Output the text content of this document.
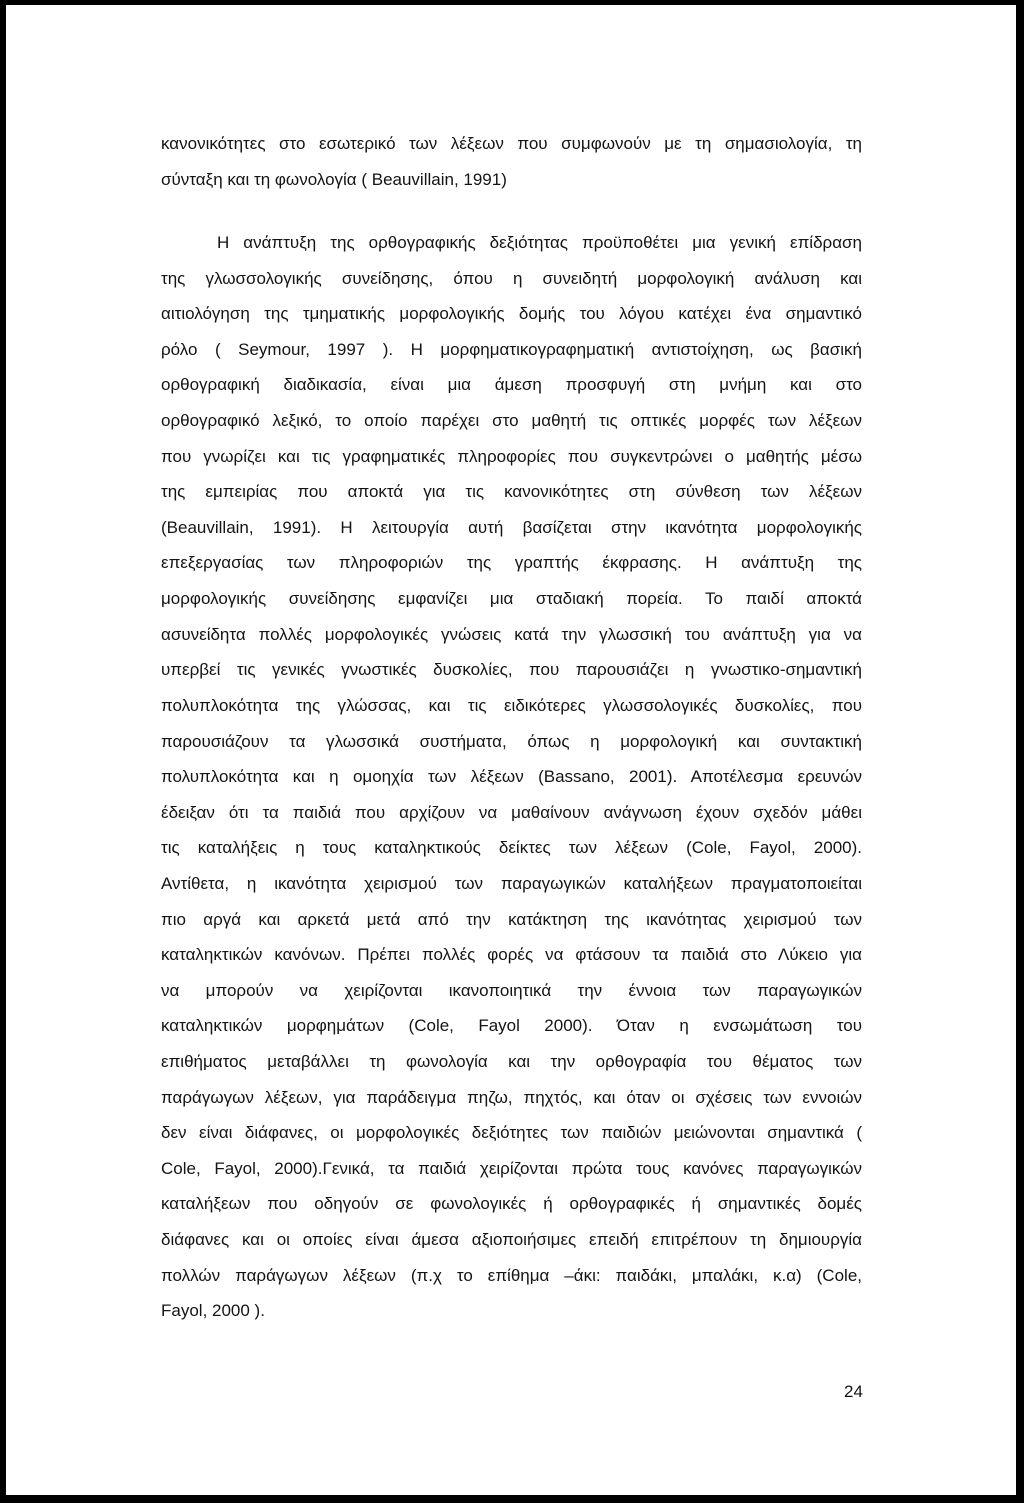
κανονικότητες στο εσωτερικό των λέξεων που συμφωνούν με τη σημασιολογία, τη
σύνταξη και τη φωνολογία ( Beauvillain, 1991)
Η ανάπτυξη της ορθογραφικής δεξιότητας προϋποθέτει μια γενική επίδραση
της γλωσσολογικής συνείδησης, όπου η συνειδητή μορφολογική ανάλυση και
αιτιολόγηση της τμηματικής μορφολογικής δομής του λόγου κατέχει ένα σημαντικό
ρόλο ( Seymour, 1997 ). Η μορφηματικογραφηματική αντιστοίχηση, ως βασική
ορθογραφική διαδικασία, είναι μια άμεση προσφυγή στη μνήμη και στο
ορθογραφικό λεξικό, το οποίο παρέχει στο μαθητή τις οπτικές μορφές των λέξεων
που γνωρίζει και τις γραφηματικές πληροφορίες που συγκεντρώνει ο μαθητής μέσω
της εμπειρίας που αποκτά για τις κανονικότητες στη σύνθεση των λέξεων
(Beauvillain, 1991). Η λειτουργία αυτή βασίζεται στην ικανότητα μορφολογικής
επεξεργασίας των πληροφοριών της γραπτής έκφρασης. Η ανάπτυξη της
μορφολογικής συνείδησης εμφανίζει μια σταδιακή πορεία. Το παιδί αποκτά
ασυνείδητα πολλές μορφολογικές γνώσεις κατά την γλωσσική του ανάπτυξη για να
υπερβεί τις γενικές γνωστικές δυσκολίες, που παρουσιάζει η γνωστικο-σημαντική
πολυπλοκότητα της γλώσσας, και τις ειδικότερες γλωσσολογικές δυσκολίες, που
παρουσιάζουν τα γλωσσικά συστήματα, όπως η μορφολογική και συντακτική
πολυπλοκότητα και η ομοηχία των λέξεων (Bassano, 2001). Αποτέλεσμα ερευνών
έδειξαν ότι τα παιδιά που αρχίζουν να μαθαίνουν ανάγνωση έχουν σχεδόν μάθει
τις καταλήξεις η τους καταληκτικούς δείκτες των λέξεων (Cole, Fayol, 2000).
Αντίθετα, η ικανότητα χειρισμού των παραγωγικών καταλήξεων πραγματοποιείται
πιο αργά και αρκετά μετά από την κατάκτηση της ικανότητας χειρισμού των
καταληκτικών κανόνων. Πρέπει πολλές φορές να φτάσουν τα παιδιά στο Λύκειο για
να μπορούν να χειρίζονται ικανοποιητικά την έννοια των παραγωγικών
καταληκτικών μορφημάτων (Cole, Fayol 2000). Όταν η ενσωμάτωση του
επιθήματος μεταβάλλει τη φωνολογία και την ορθογραφία του θέματος των
παράγωγων λέξεων, για παράδειγμα πηζω, πηχτός, και όταν οι σχέσεις των εννοιών
δεν είναι διάφανες, οι μορφολογικές δεξιότητες των παιδιών μειώνονται σημαντικά (
Cole, Fayol, 2000).Γενικά, τα παιδιά χειρίζονται πρώτα τους κανόνες παραγωγικών
καταλήξεων που οδηγούν σε φωνολογικές ή ορθογραφικές ή σημαντικές δομές
διάφανες και οι οποίες είναι άμεσα αξιοποιήσιμες επειδή επιτρέπουν τη δημιουργία
πολλών παράγωγων λέξεων (π.χ το επίθημα –άκι: παιδάκι, μπαλάκι, κ.α) (Cole,
Fayol, 2000 ).
24
